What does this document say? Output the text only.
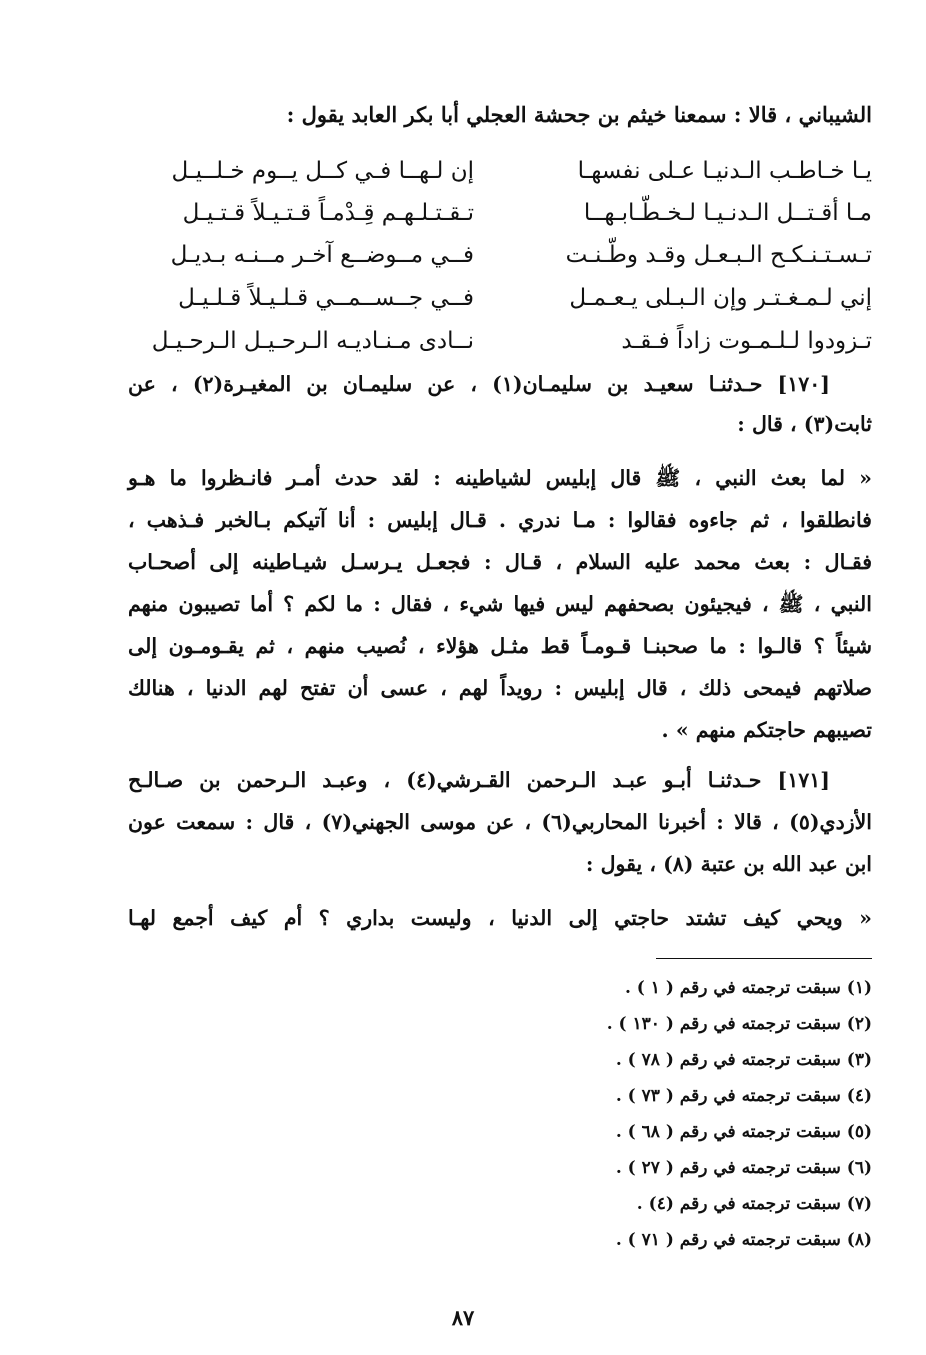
الشيباني ، قالا : سمعنا خيثم بن جحشة العجلي أبا بكر العابد يقول :
يـا خـاطـب الـدنيـا عـلى نفسهـا
إن لـهــا فـي كــل يــوم خـلــيـل
مـا أقـتــل الـدنـيـا لـخـطّـابـهــا
تـقـتـلـهـم قِـدْمـاً قـتـيـلاً قـتـيـل
تـسـتـنـكـح الـبـعـل وقـد وطّـنـت
فــي مــوضــع آخـر مــنـه بـديـل
إني لـمـغـتـر وإن الـبـلى يـعـمـل
فــي جــســمــي قـلـيـلاً قـلـيـل
تـزودوا لـلـمـوت زاداً فـقـد
نــادى مـنـاديـه الـرحـيـل الـرحـيـل
[١٧٠] حـدثنـا سعيـد بن سليمـان(١) ، عن سليمـان بن المغيـرة(٢) ، عن
ثابت(٣) ، قال :
« لما بعث النبي ، ﷺ قال إبليس لشياطينه : لقد حدث أمـر فانـظروا ما هـو
فانطلقوا ، ثم جاءوه فقالوا : مـا ندري . قـال إبليس : أنا آتيكم بـالخبر فـذهب ،
فقـال : بعث محمد عليه السلام ، قـال : فجعـل يـرسـل شيـاطينه إلى أصحـاب
النبي ، ﷺ ، فيجيئون بصحفهم ليس فيها شيء ، فقال : ما لكم ؟ أما تصيبون منهم
شيئاً ؟ قالـوا : ما صحبنـا قـومـاً قط مثـل هؤلاء ، نُصيب منهم ، ثم يقـومـون إلى
صلاتهم فيمحى ذلك ، قال إبليس : رويداً لهم ، عسى أن تفتح لهم الدنيا ، هنالك
تصيبهم حاجتكم منهم » .
[١٧١] حـدثنـا أبـو عبـد الـرحمن القـرشي(٤) ، وعبـد الـرحمن بن صـالـح
الأزدي(٥) ، قالا : أخبرنا المحاربي(٦) ، عن موسى الجهني(٧) ، قال : سمعت عون
ابن عبد الله بن عتبة (٨) ، يقول :
« ويحي كيف تشتد حاجتي إلى الدنيا ، وليست بداري ؟ أم كيف أجمع لهـا
(١) سبقت ترجمته في رقم ( ١ ) .
(٢) سبقت ترجمته في رقم ( ١٣٠ ) .
(٣) سبقت ترجمته في رقم ( ٧٨ ) .
(٤) سبقت ترجمته في رقم ( ٧٣ ) .
(٥) سبقت ترجمته في رقم ( ٦٨ ) .
(٦) سبقت ترجمته في رقم ( ٢٧ ) .
(٧) سبقت ترجمته في رقم (٤) .
(٨) سبقت ترجمته في رقم ( ٧١ ) .
٨٧
